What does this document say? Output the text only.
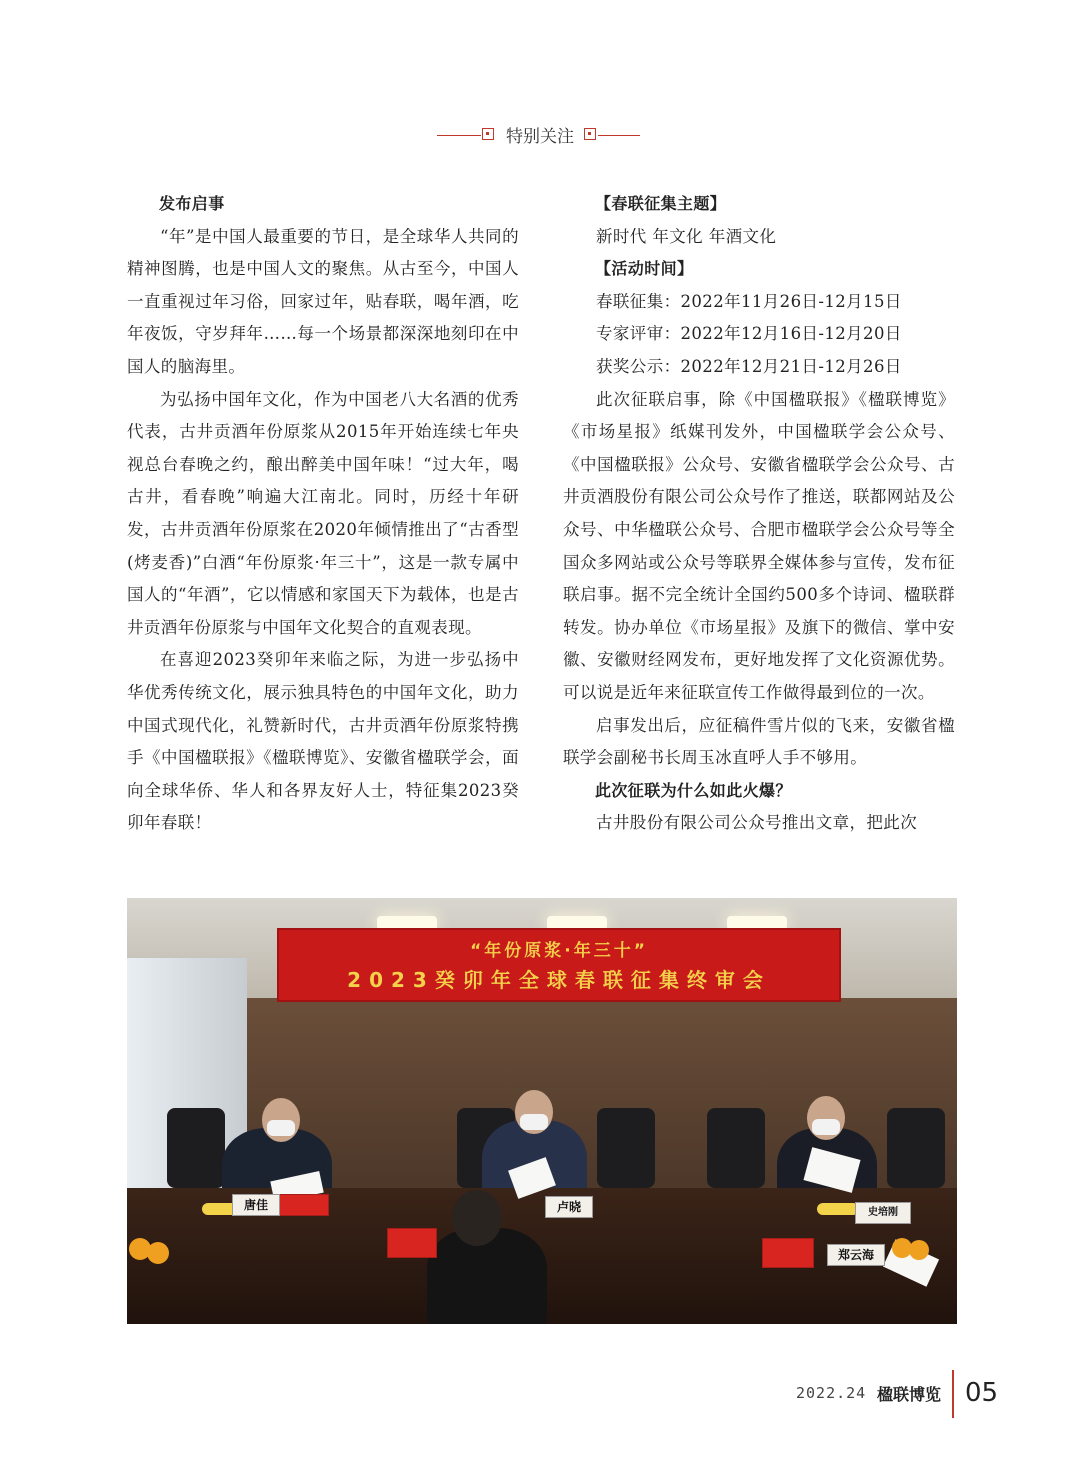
特别关注

发布启事

“年”是中国人最重要的节日，是全球华人共同的精神图腾，也是中国人文的聚焦。从古至今，中国人一直重视过年习俗，回家过年，贴春联，喝年酒，吃年夜饭，守岁拜年……每一个场景都深深地刻印在中国人的脑海里。

为弘扬中国年文化，作为中国老八大名酒的优秀代表，古井贡酒年份原浆从2015年开始连续七年央视总台春晚之约，酿出醉美中国年味！“过大年，喝古井，看春晚”响遍大江南北。同时，历经十年研发，古井贡酒年份原浆在2020年倾情推出了“古香型(烤麦香)”白酒“年份原浆·年三十”，这是一款专属中国人的“年酒”，它以情感和家国天下为载体，也是古井贡酒年份原浆与中国年文化契合的直观表现。

在喜迎2023癸卯年来临之际，为进一步弘扬中华优秀传统文化，展示独具特色的中国年文化，助力中国式现代化，礼赞新时代，古井贡酒年份原浆特携手《中国楹联报》《楹联博览》、安徽省楹联学会，面向全球华侨、华人和各界友好人士，特征集2023癸卯年春联！

【春联征集主题】

新时代 年文化 年酒文化

【活动时间】

春联征集：2022年11月26日-12月15日

专家评审：2022年12月16日-12月20日

获奖公示：2022年12月21日-12月26日

此次征联启事，除《中国楹联报》《楹联博览》《市场星报》纸媒刊发外，中国楹联学会公众号、《中国楹联报》公众号、安徽省楹联学会公众号、古井贡酒股份有限公司公众号作了推送，联都网站及公众号、中华楹联公众号、合肥市楹联学会公众号等全国众多网站或公众号等联界全媒体参与宣传，发布征联启事。据不完全统计全国约500多个诗词、楹联群转发。协办单位《市场星报》及旗下的微信、掌中安徽、安徽财经网发布，更好地发挥了文化资源优势。可以说是近年来征联宣传工作做得最到位的一次。

启事发出后，应征稿件雪片似的飞来，安徽省楹联学会副秘书长周玉冰直呼人手不够用。

此次征联为什么如此火爆？

古井股份有限公司公众号推出文章，把此次

“年份原浆·年三十”
2023癸卯年全球春联征集终审会
唐佳	卢晓	史培刚
郑云海
2022.24 楹联博览 05
